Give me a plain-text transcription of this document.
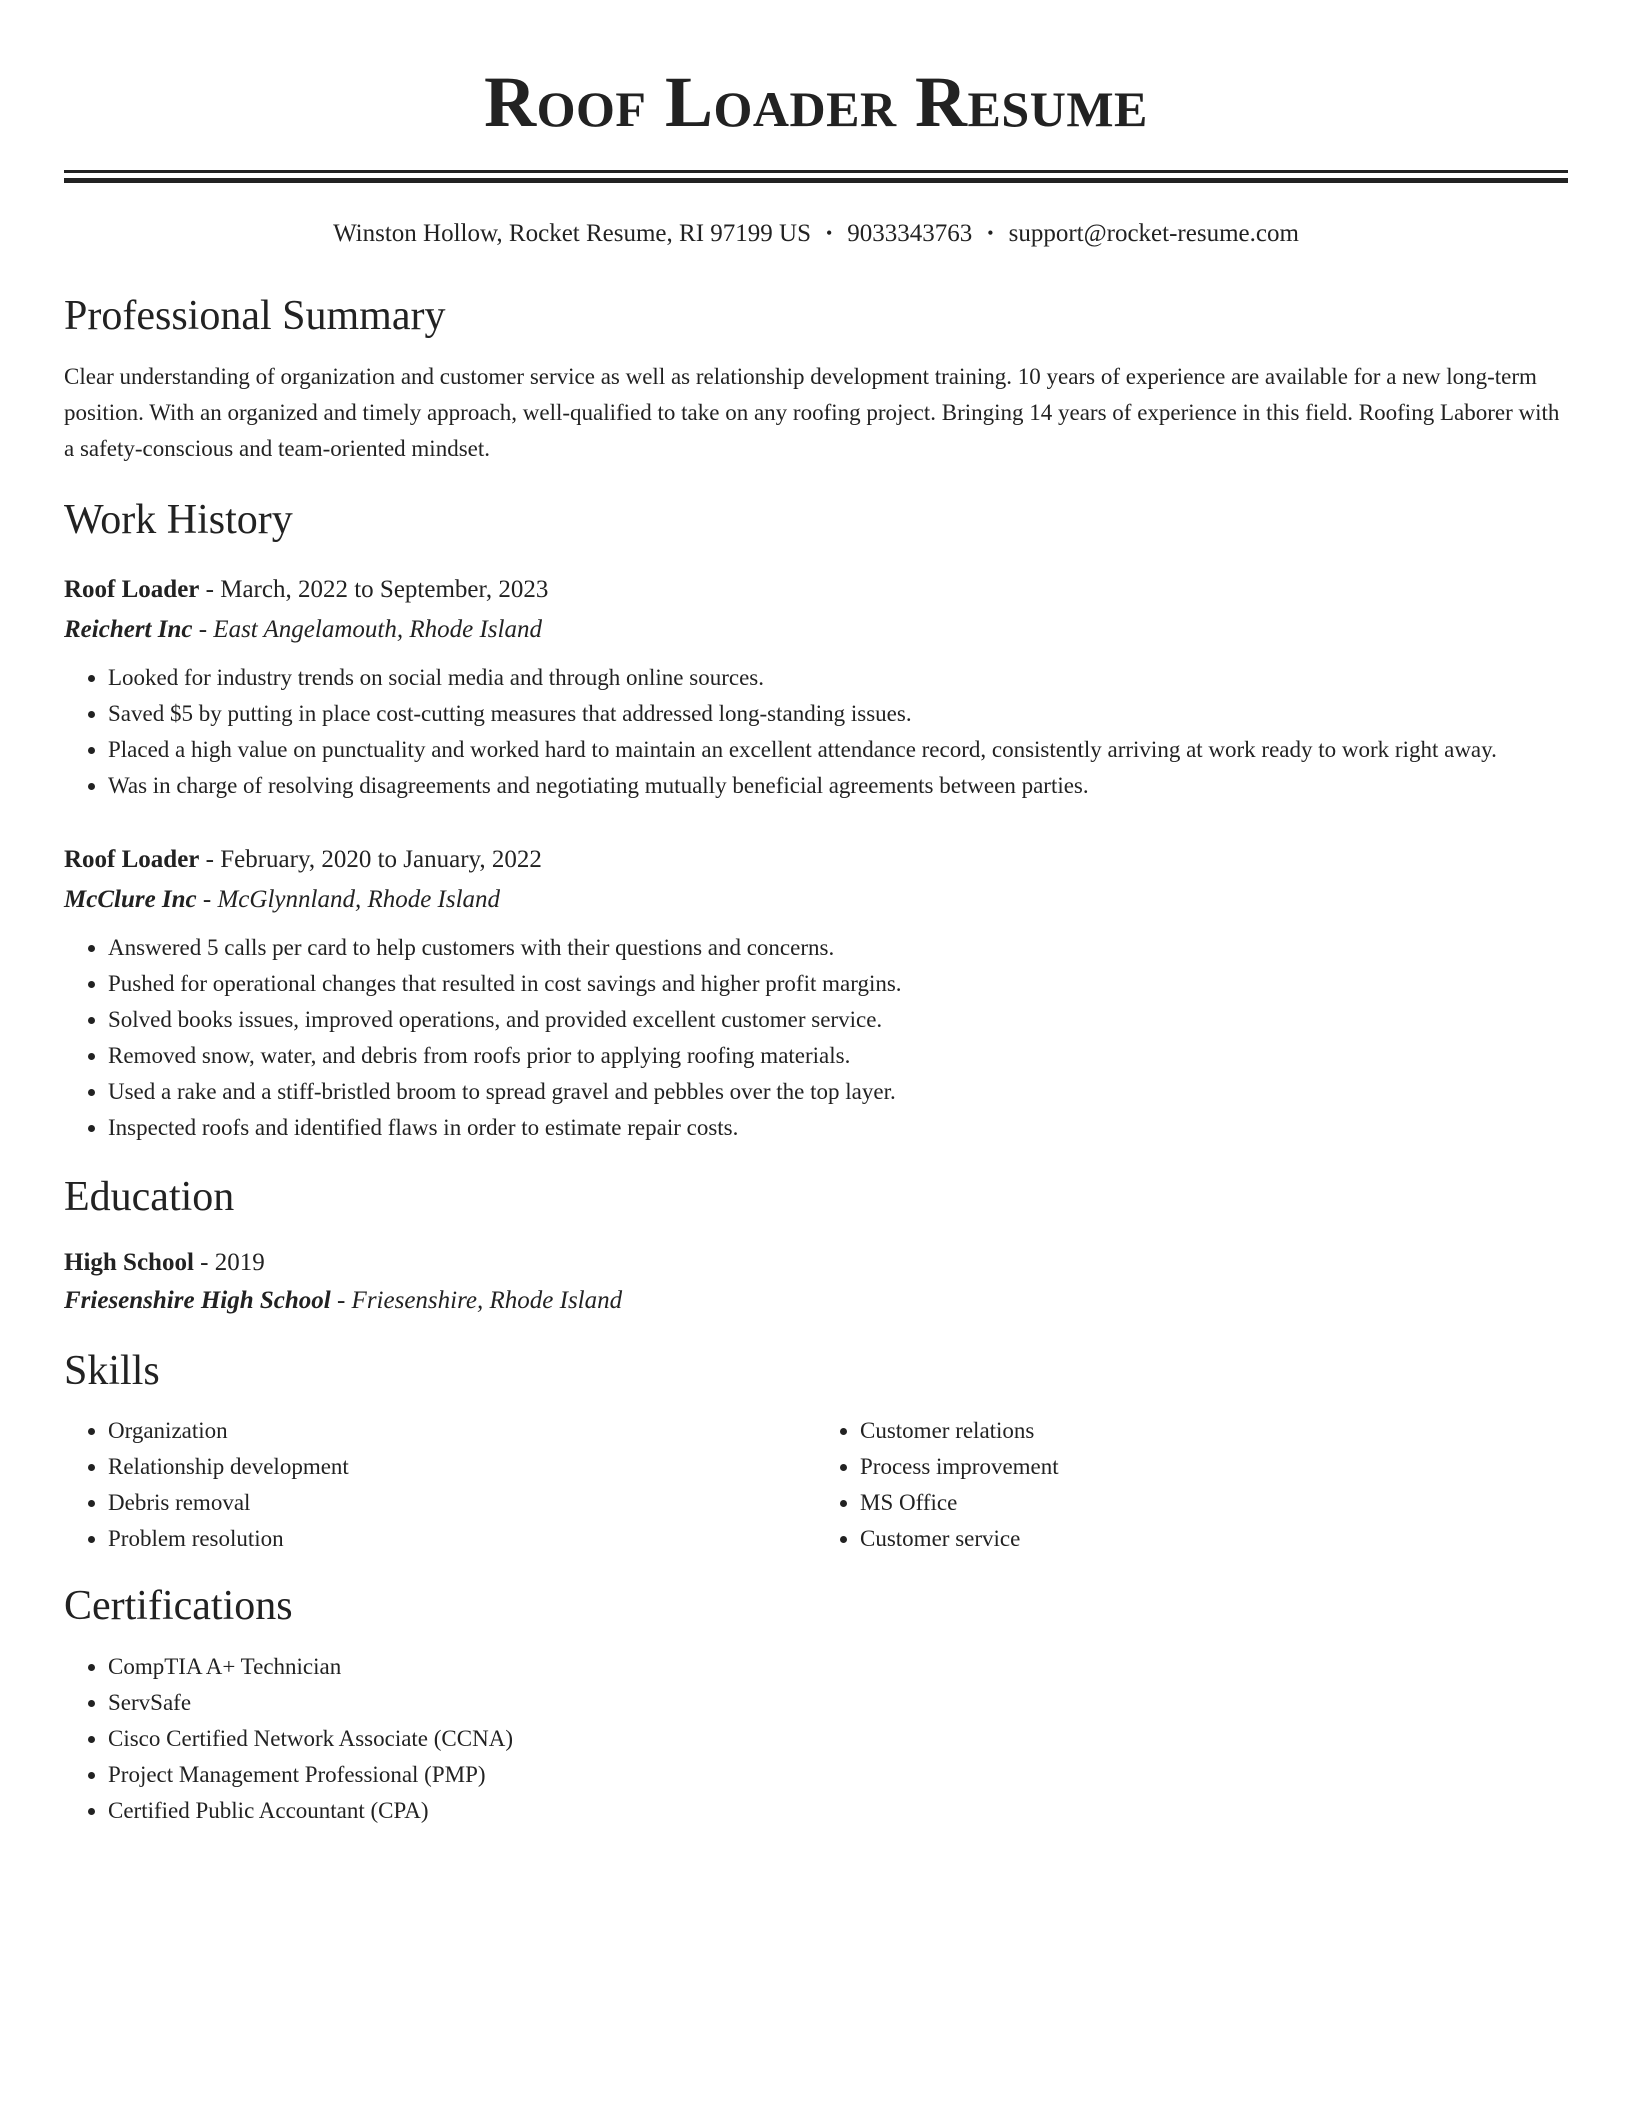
Roof Loader Resume
Winston Hollow, Rocket Resume, RI 97199 US • 9033343763 • support@rocket-resume.com
Professional Summary

Clear understanding of organization and customer service as well as relationship development training. 10 years of experience are available for a new long-term position. With an organized and timely approach, well-qualified to take on any roofing project. Bringing 14 years of experience in this field. Roofing Laborer with a safety-conscious and team-oriented mindset.

Work History

Roof Loader - March, 2022 to September, 2023

Reichert Inc - East Angelamouth, Rhode Island

• Looked for industry trends on social media and through online sources.
• Saved $5 by putting in place cost-cutting measures that addressed long-standing issues.
• Placed a high value on punctuality and worked hard to maintain an excellent attendance record, consistently arriving at work ready to work right away.
• Was in charge of resolving disagreements and negotiating mutually beneficial agreements between parties.

Roof Loader - February, 2020 to January, 2022

McClure Inc - McGlynnland, Rhode Island

• Answered 5 calls per card to help customers with their questions and concerns.
• Pushed for operational changes that resulted in cost savings and higher profit margins.
• Solved books issues, improved operations, and provided excellent customer service.
• Removed snow, water, and debris from roofs prior to applying roofing materials.
• Used a rake and a stiff-bristled broom to spread gravel and pebbles over the top layer.
• Inspected roofs and identified flaws in order to estimate repair costs.
Education

High School - 2019

Friesenshire High School - Friesenshire, Rhode Island

Skills
• Organization
• Relationship development
• Debris removal
• Problem resolution
• Customer relations
• Process improvement
• MS Office
• Customer service
Certifications
• CompTIA A+ Technician
• ServSafe
• Cisco Certified Network Associate (CCNA)
• Project Management Professional (PMP)
• Certified Public Accountant (CPA)
